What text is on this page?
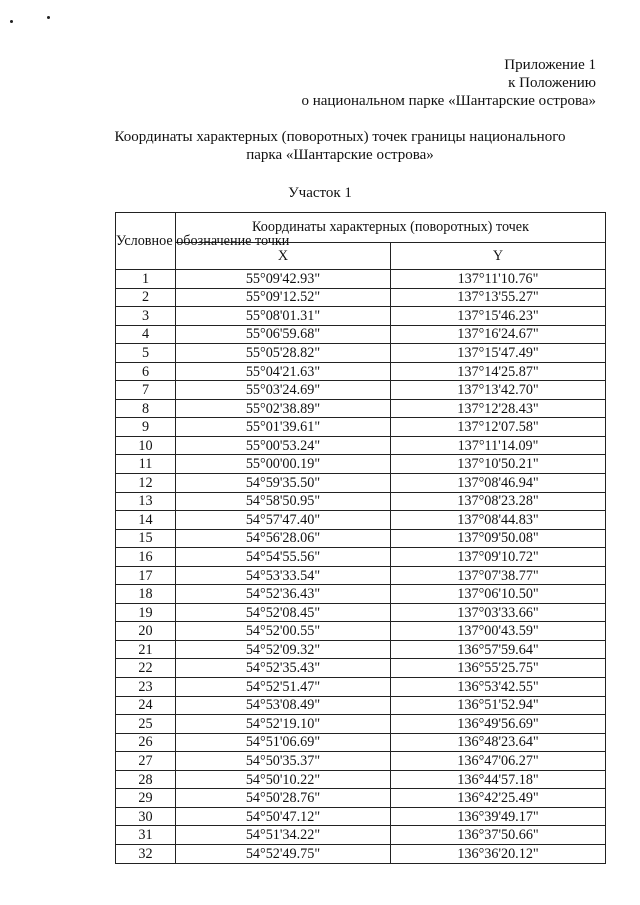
Приложение 1
к Положению
о национальном парке «Шантарские острова»
Координаты характерных (поворотных) точек границы национального
парка «Шантарские острова»
Участок 1
Условное обозначение точки	Координаты характерных (поворотных) точек	
	X	Y
1	55°09'42.93"	137°11'10.76"
2	55°09'12.52"	137°13'55.27"
3	55°08'01.31"	137°15'46.23"
4	55°06'59.68"	137°16'24.67"
5	55°05'28.82"	137°15'47.49"
6	55°04'21.63"	137°14'25.87"
7	55°03'24.69"	137°13'42.70"
8	55°02'38.89"	137°12'28.43"
9	55°01'39.61"	137°12'07.58"
10	55°00'53.24"	137°11'14.09"
11	55°00'00.19"	137°10'50.21"
12	54°59'35.50"	137°08'46.94"
13	54°58'50.95"	137°08'23.28"
14	54°57'47.40"	137°08'44.83"
15	54°56'28.06"	137°09'50.08"
16	54°54'55.56"	137°09'10.72"
17	54°53'33.54"	137°07'38.77"
18	54°52'36.43"	137°06'10.50"
19	54°52'08.45"	137°03'33.66"
20	54°52'00.55"	137°00'43.59"
21	54°52'09.32"	136°57'59.64"
22	54°52'35.43"	136°55'25.75"
23	54°52'51.47"	136°53'42.55"
24	54°53'08.49"	136°51'52.94"
25	54°52'19.10"	136°49'56.69"
26	54°51'06.69"	136°48'23.64"
27	54°50'35.37"	136°47'06.27"
28	54°50'10.22"	136°44'57.18"
29	54°50'28.76"	136°42'25.49"
30	54°50'47.12"	136°39'49.17"
31	54°51'34.22"	136°37'50.66"
32	54°52'49.75"	136°36'20.12"
